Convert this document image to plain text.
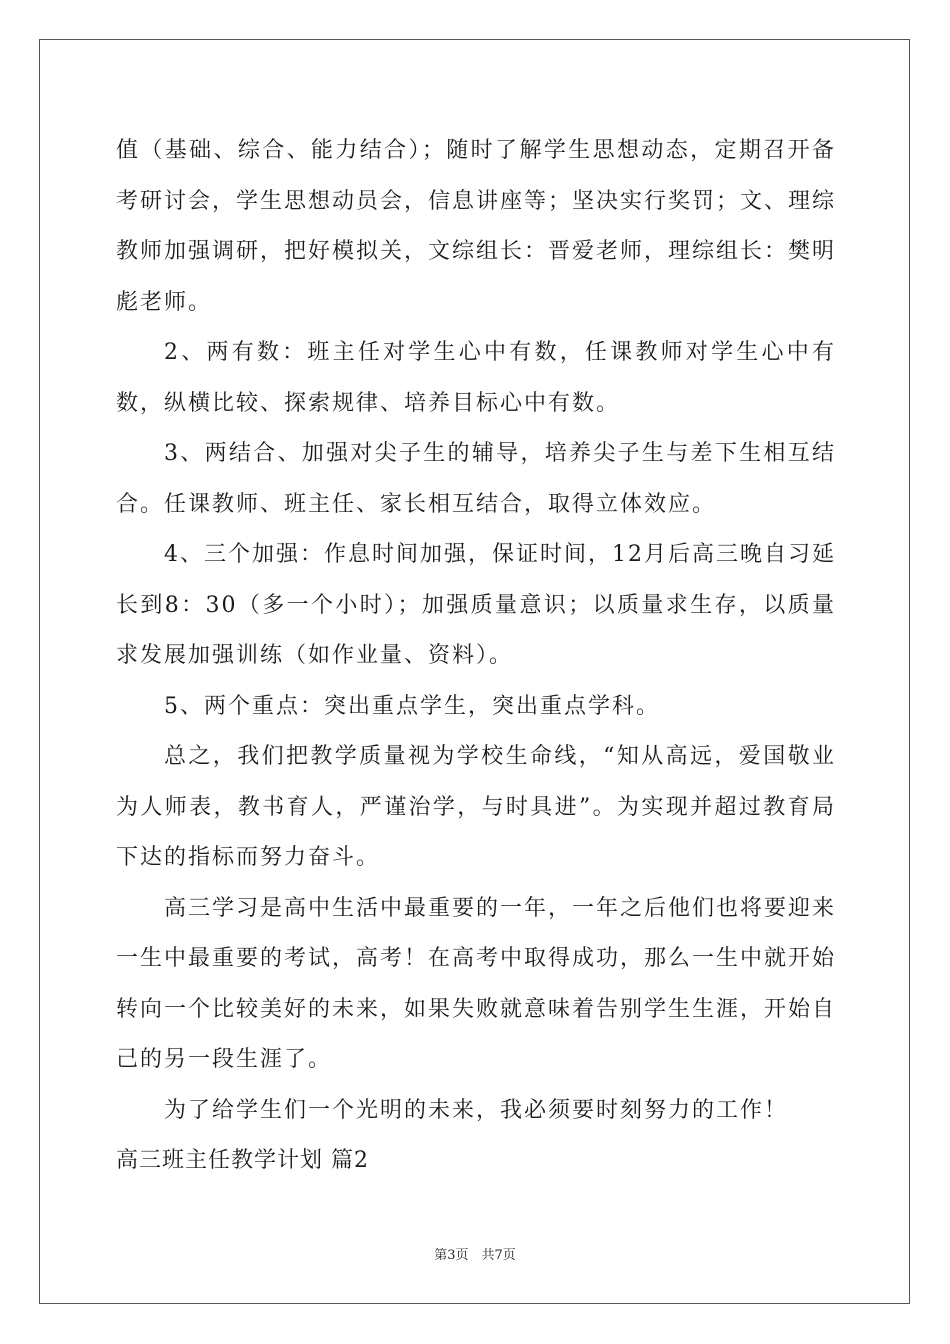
值（基础、综合、能力结合）；随时了解学生思想动态，定期召开备考研讨会，学生思想动员会，信息讲座等；坚决实行奖罚；文、理综教师加强调研，把好模拟关，文综组长：晋爱老师，理综组长：樊明彪老师。

2、两有数：班主任对学生心中有数，任课教师对学生心中有数，纵横比较、探索规律、培养目标心中有数。

3、两结合、加强对尖子生的辅导，培养尖子生与差下生相互结合。任课教师、班主任、家长相互结合，取得立体效应。

4、三个加强：作息时间加强，保证时间，12月后高三晚自习延长到8：30（多一个小时）；加强质量意识；以质量求生存，以质量求发展加强训练（如作业量、资料）。

5、两个重点：突出重点学生，突出重点学科。

总之，我们把教学质量视为学校生命线，“知从高远，爱国敬业为人师表，教书育人，严谨治学，与时具进”。为实现并超过教育局下达的指标而努力奋斗。

高三学习是高中生活中最重要的一年，一年之后他们也将要迎来一生中最重要的考试，高考！在高考中取得成功，那么一生中就开始转向一个比较美好的未来，如果失败就意味着告别学生生涯，开始自己的另一段生涯了。

为了给学生们一个光明的未来，我必须要时刻努力的工作！

高三班主任教学计划 篇2

第3页　共7页
